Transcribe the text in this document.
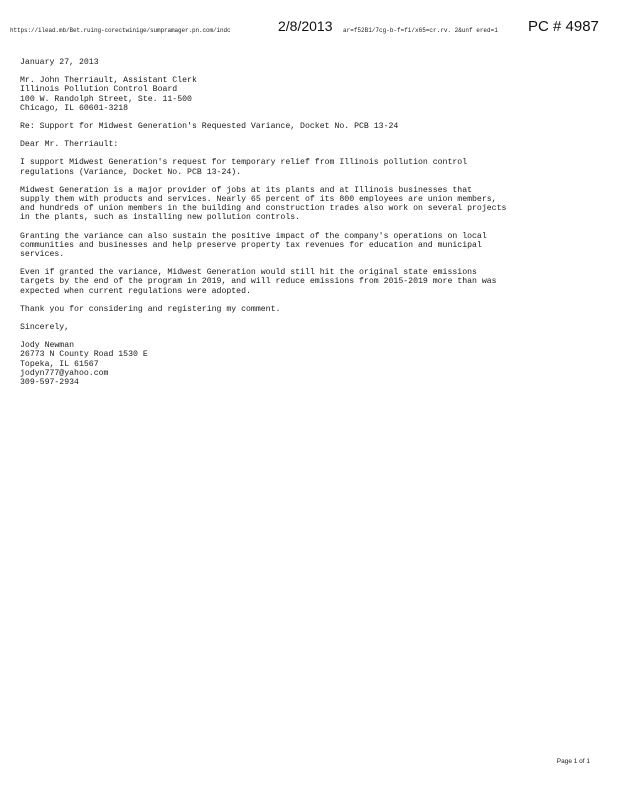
https://ilead.mb/Bet.ruing-corectwinige/sumpramager.pn.com/indc	2/8/2013 ar=f52B1/7cg-b-f=fi/x65=cr.rv. 2&unf ered=1 PC # 4987
January 27, 2013
Mr. John Therriault, Assistant Clerk
Illinois Pollution Control Board
100 W. Randolph Street, Ste. 11-500
Chicago, IL 60601-3218
Re: Support for Midwest Generation's Requested Variance, Docket No. PCB 13-24
Dear Mr. Therriault:
I support Midwest Generation's request for temporary relief from Illinois pollution control
regulations (Variance, Docket No. PCB 13-24).
Midwest Generation is a major provider of jobs at its plants and at Illinois businesses that
supply them with products and services. Nearly 65 percent of its 800 employees are union members,
and hundreds of union members in the building and construction trades also work on several projects
in the plants, such as installing new pollution controls.
Granting the variance can also sustain the positive impact of the company's operations on local
communities and businesses and help preserve property tax revenues for education and municipal
services.
Even if granted the variance, Midwest Generation would still hit the original state emissions
targets by the end of the program in 2019, and will reduce emissions from 2015-2019 more than was
expected when current regulations were adopted.
Thank you for considering and registering my comment.
Sincerely,
Jody Newman
26773 N County Road 1530 E
Topeka, IL 61567
jodyn777@yahoo.com
309-597-2934
Page 1 of 1
